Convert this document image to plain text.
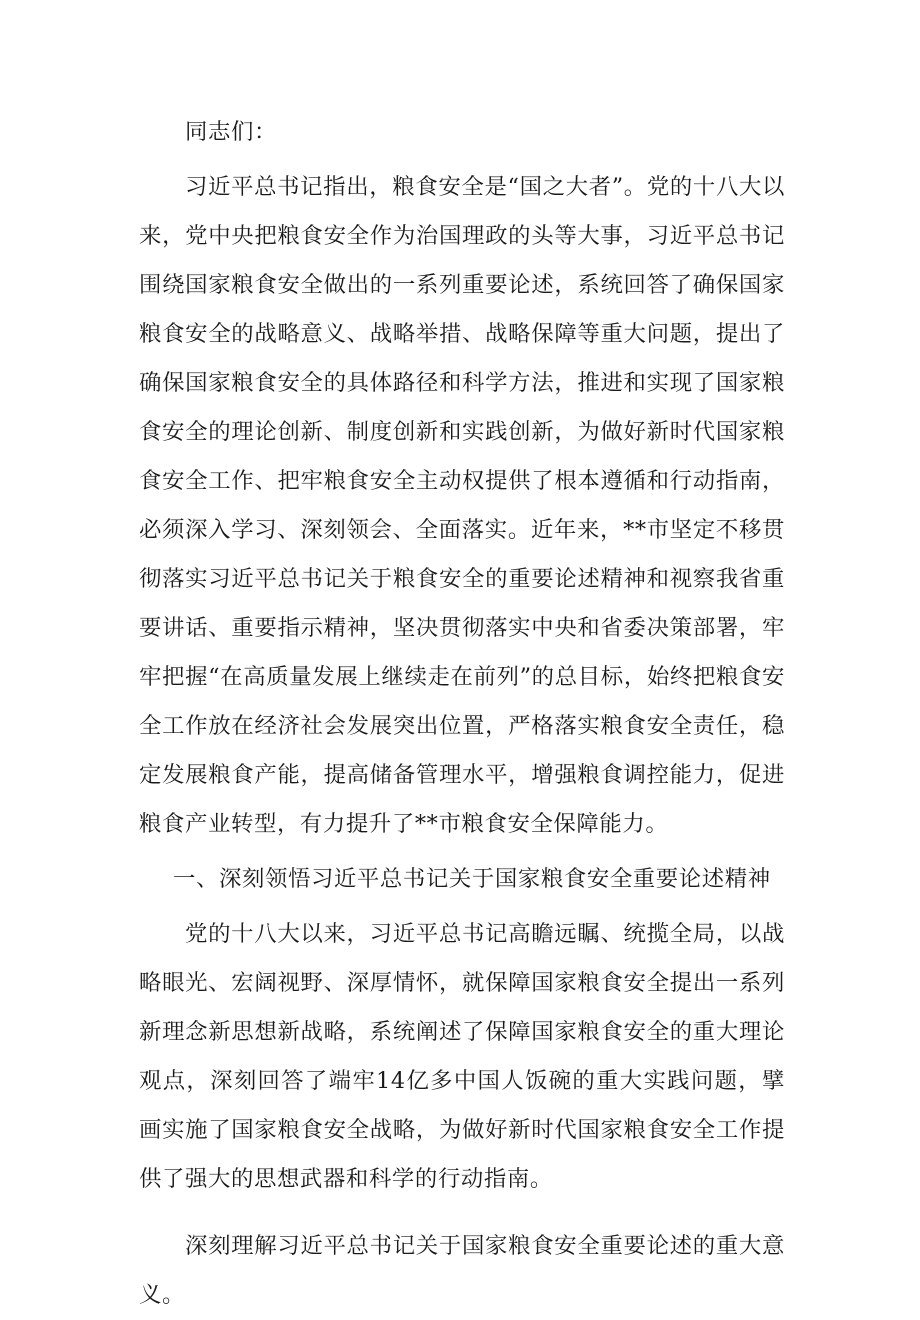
同志们：

习近平总书记指出，粮食安全是“国之大者”。党的十八大以来，党中央把粮食安全作为治国理政的头等大事，习近平总书记围绕国家粮食安全做出的一系列重要论述，系统回答了确保国家粮食安全的战略意义、战略举措、战略保障等重大问题，提出了确保国家粮食安全的具体路径和科学方法，推进和实现了国家粮食安全的理论创新、制度创新和实践创新，为做好新时代国家粮食安全工作、把牢粮食安全主动权提供了根本遵循和行动指南，必须深入学习、深刻领会、全面落实。近年来，**市坚定不移贯彻落实习近平总书记关于粮食安全的重要论述精神和视察我省重要讲话、重要指示精神，坚决贯彻落实中央和省委决策部署，牢牢把握“在高质量发展上继续走在前列”的总目标，始终把粮食安全工作放在经济社会发展突出位置，严格落实粮食安全责任，稳定发展粮食产能，提高储备管理水平，增强粮食调控能力，促进粮食产业转型，有力提升了**市粮食安全保障能力。

一、深刻领悟习近平总书记关于国家粮食安全重要论述精神

党的十八大以来，习近平总书记高瞻远瞩、统揽全局，以战略眼光、宏阔视野、深厚情怀，就保障国家粮食安全提出一系列新理念新思想新战略，系统阐述了保障国家粮食安全的重大理论观点，深刻回答了端牢14亿多中国人饭碗的重大实践问题，擘画实施了国家粮食安全战略，为做好新时代国家粮食安全工作提供了强大的思想武器和科学的行动指南。

深刻理解习近平总书记关于国家粮食安全重要论述的重大意义。
